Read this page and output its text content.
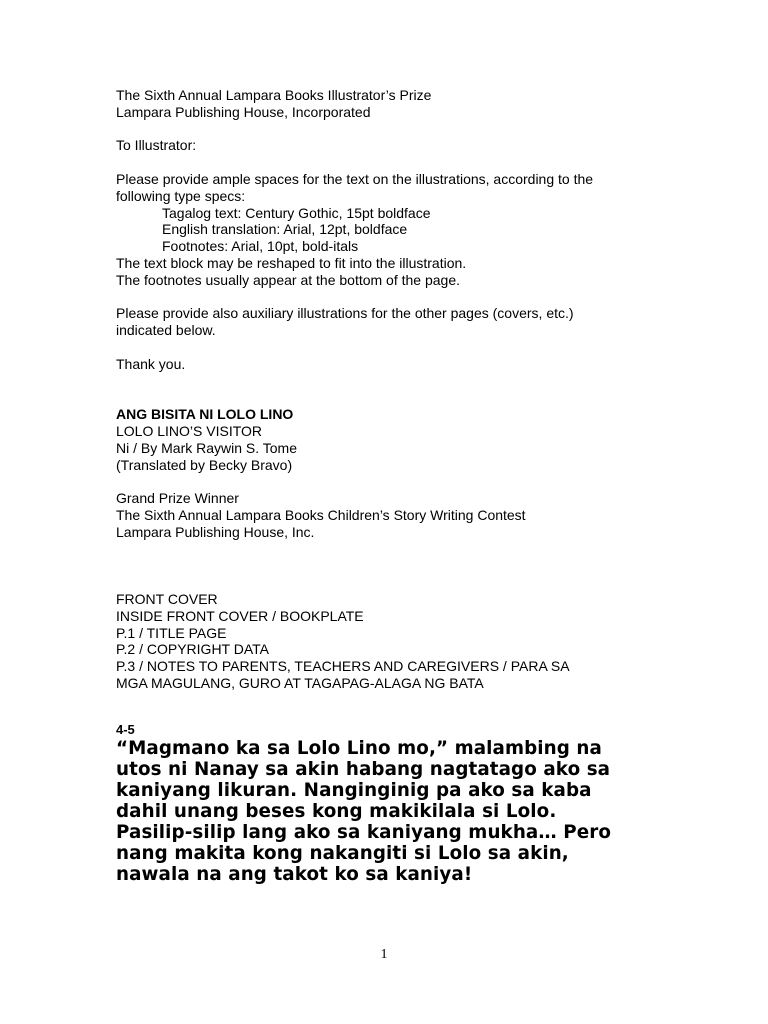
The Sixth Annual Lampara Books Illustrator’s Prize
Lampara Publishing House, Incorporated
To Illustrator:
Please provide ample spaces for the text on the illustrations, according to the
following type specs:
Tagalog text: Century Gothic, 15pt boldface
English translation: Arial, 12pt, boldface
Footnotes: Arial, 10pt, bold-itals
The text block may be reshaped to fit into the illustration.
The footnotes usually appear at the bottom of the page.
Please provide also auxiliary illustrations for the other pages (covers, etc.)
indicated below.
Thank you.
ANG BISITA NI LOLO LINO
LOLO LINO’S VISITOR
Ni / By Mark Raywin S. Tome
(Translated by Becky Bravo)
Grand Prize Winner
The Sixth Annual Lampara Books Children’s Story Writing Contest
Lampara Publishing House, Inc.
FRONT COVER
INSIDE FRONT COVER / BOOKPLATE
P.1 / TITLE PAGE
P.2 / COPYRIGHT DATA
P.3 / NOTES TO PARENTS, TEACHERS AND CAREGIVERS / PARA SA
MGA MAGULANG, GURO AT TAGAPAG-ALAGA NG BATA
4-5
“Magmano ka sa Lolo Lino mo,” malambing na
utos ni Nanay sa akin habang nagtatago ako sa
kaniyang likuran. Nanginginig pa ako sa kaba
dahil unang beses kong makikilala si Lolo.
Pasilip-silip lang ako sa kaniyang mukha… Pero
nang makita kong nakangiti si Lolo sa akin,
nawala na ang takot ko sa kaniya!
1
